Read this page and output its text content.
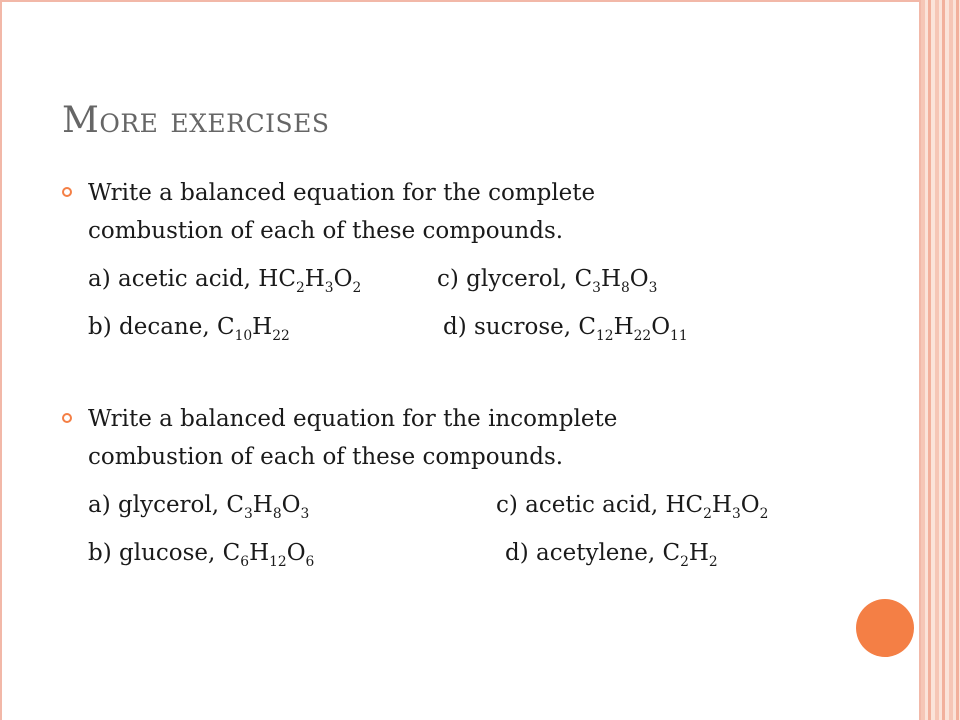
More exercises
Write a balanced equation for the complete
combustion of each of these compounds.
a) acetic acid, $HC_2H_3O_2$	c) glycerol, $C_3H_8O_3$
b) decane, $C_{10}H_{22}$	d) sucrose, $C_{12}H_{22}O_{11}$
Write a balanced equation for the incomplete
combustion of each of these compounds.
a) glycerol, $C_3H_8O_3$	c) acetic acid, $HC_2H_3O_2$
b) glucose, $C_6H_{12}O_6$	d) acetylene, $C_2H_2$
